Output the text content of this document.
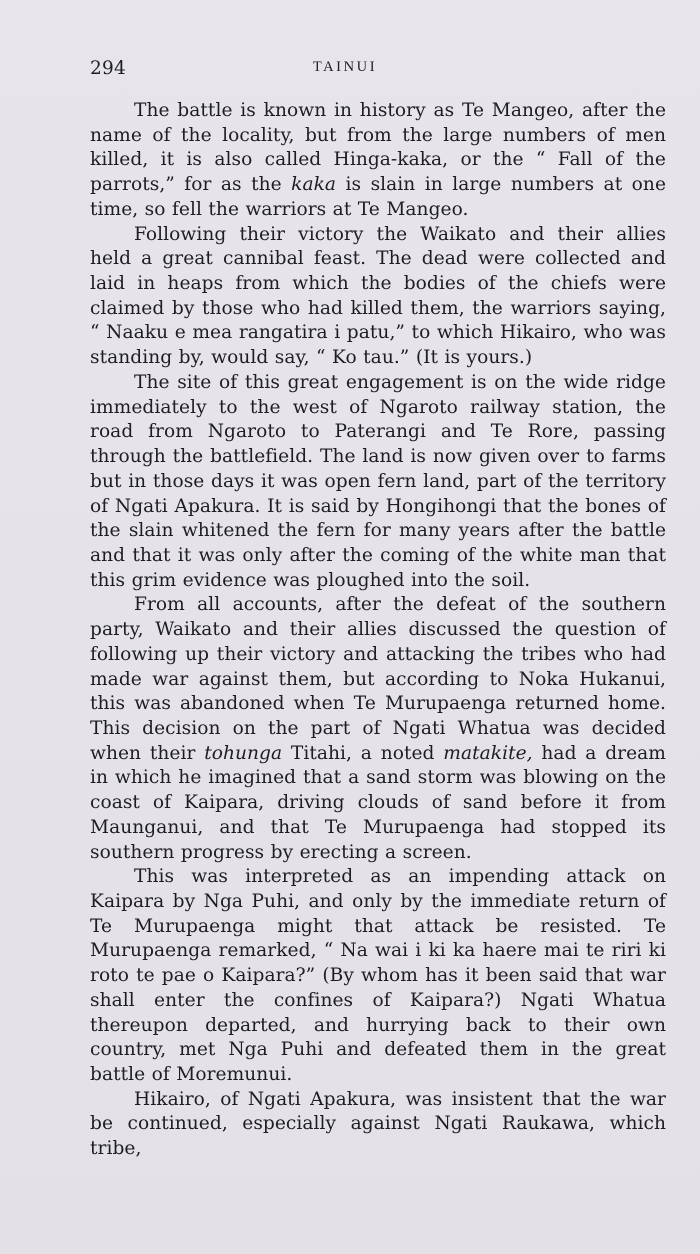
294	TAINUI

The battle is known in history as Te Mangeo, after the name of the locality, but from the large numbers of men killed, it is also called Hinga-kaka, or the “ Fall of the parrots,” for as the kaka is slain in large numbers at one time, so fell the warriors at Te Mangeo.

Following their victory the Waikato and their allies held a great cannibal feast. The dead were collected and laid in heaps from which the bodies of the chiefs were claimed by those who had killed them, the warriors saying, “ Naaku e mea rangatira i patu,” to which Hikairo, who was standing by, would say, “ Ko tau.” (It is yours.)

The site of this great engagement is on the wide ridge immediately to the west of Ngaroto railway station, the road from Ngaroto to Paterangi and Te Rore, passing through the battlefield. The land is now given over to farms but in those days it was open fern land, part of the territory of Ngati Apakura. It is said by Hongihongi that the bones of the slain whitened the fern for many years after the battle and that it was only after the coming of the white man that this grim evidence was ploughed into the soil.

From all accounts, after the defeat of the southern party, Waikato and their allies discussed the question of following up their victory and attacking the tribes who had made war against them, but according to Noka Hukanui, this was abandoned when Te Murupaenga returned home. This decision on the part of Ngati Whatua was decided when their tohunga Titahi, a noted matakite, had a dream in which he imagined that a sand storm was blowing on the coast of Kaipara, driving clouds of sand before it from Maunganui, and that Te Murupaenga had stopped its southern progress by erecting a screen.

This was interpreted as an impending attack on Kaipara by Nga Puhi, and only by the immediate return of Te Murupaenga might that attack be resisted. Te Murupaenga remarked, “ Na wai i ki ka haere mai te riri ki roto te pae o Kaipara?” (By whom has it been said that war shall enter the confines of Kaipara?) Ngati Whatua thereupon departed, and hurrying back to their own country, met Nga Puhi and defeated them in the great battle of Moremunui.

Hikairo, of Ngati Apakura, was insistent that the war be continued, especially against Ngati Raukawa, which tribe,
